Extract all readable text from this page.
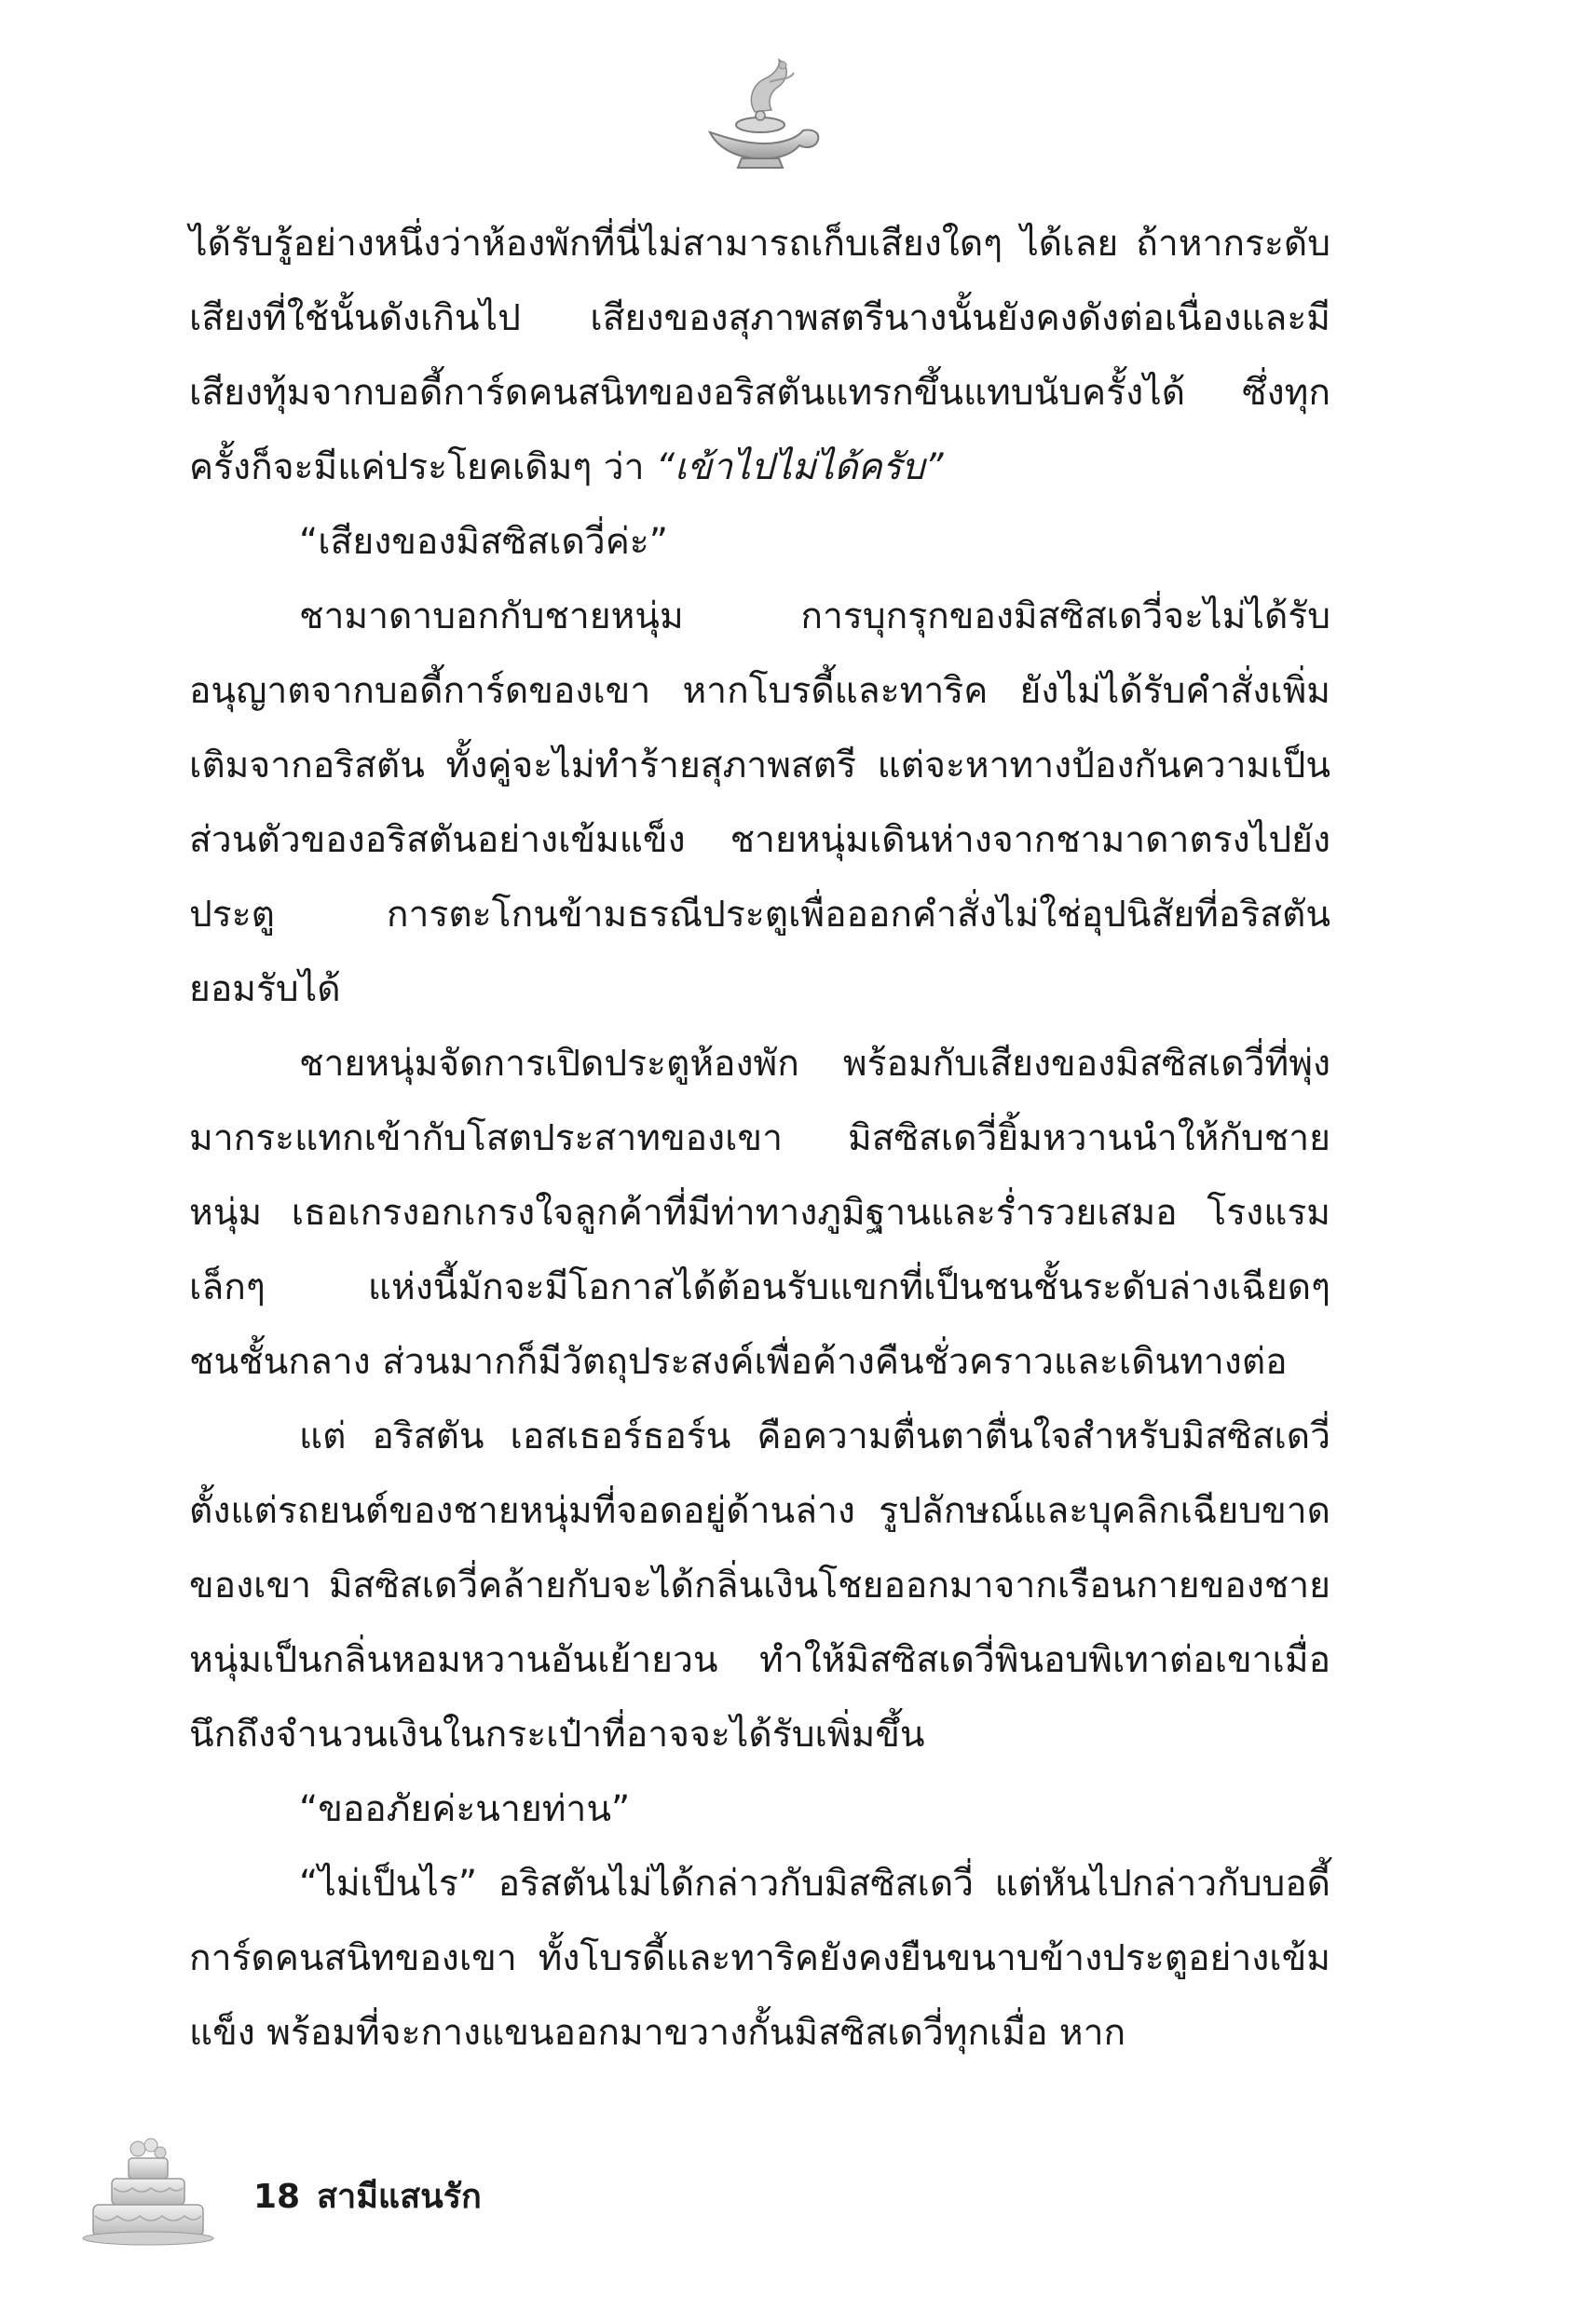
ได้รับรู้อย่างหนึ่งว่าห้องพักที่นี่ไม่สามารถเก็บเสียงใดๆ ได้เลย ถ้าหากระดับเสียงที่ใช้นั้นดังเกินไป เสียงของสุภาพสตรีนางนั้นยังคงดังต่อเนื่องและมีเสียงทุ้มจากบอดี้การ์ดคนสนิทของอริสตันแทรกขึ้นแทบนับครั้งได้ ซึ่งทุกครั้งก็จะมีแค่ประโยคเดิมๆ ว่า “เข้าไปไม่ได้ครับ”

“เสียงของมิสซิสเดวี่ค่ะ”

ชามาดาบอกกับชายหนุ่ม การบุกรุกของมิสซิสเดวี่จะไม่ได้รับอนุญาตจากบอดี้การ์ดของเขา หากโบรดี้และทาริค ยังไม่ได้รับคำสั่งเพิ่มเติมจากอริสตัน ทั้งคู่จะไม่ทำร้ายสุภาพสตรี แต่จะหาทางป้องกันความเป็นส่วนตัวของอริสตันอย่างเข้มแข็ง ชายหนุ่มเดินห่างจากชามาดาตรงไปยังประตู การตะโกนข้ามธรณีประตูเพื่อออกคำสั่งไม่ใช่อุปนิสัยที่อริสตันยอมรับได้

ชายหนุ่มจัดการเปิดประตูห้องพัก พร้อมกับเสียงของมิสซิสเดวี่ที่พุ่งมากระแทกเข้ากับโสตประสาทของเขา มิสซิสเดวี่ยิ้มหวานนำให้กับชายหนุ่ม เธอเกรงอกเกรงใจลูกค้าที่มีท่าทางภูมิฐานและร่ำรวยเสมอ โรงแรมเล็กๆ แห่งนี้มักจะมีโอกาสได้ต้อนรับแขกที่เป็นชนชั้นระดับล่างเฉียดๆ ชนชั้นกลาง ส่วนมากก็มีวัตถุประสงค์เพื่อค้างคืนชั่วคราวและเดินทางต่อ

แต่ อริสตัน เอสเธอร์ธอร์น คือความตื่นตาตื่นใจสำหรับมิสซิสเดวี่ ตั้งแต่รถยนต์ของชายหนุ่มที่จอดอยู่ด้านล่าง รูปลักษณ์และบุคลิกเฉียบขาดของเขา มิสซิสเดวี่คล้ายกับจะได้กลิ่นเงินโชยออกมาจากเรือนกายของชายหนุ่มเป็นกลิ่นหอมหวานอันเย้ายวน ทำให้มิสซิสเดวี่พินอบพิเทาต่อเขาเมื่อนึกถึงจำนวนเงินในกระเป๋าที่อาจจะได้รับเพิ่มขึ้น

“ขออภัยค่ะนายท่าน”

“ไม่เป็นไร” อริสตันไม่ได้กล่าวกับมิสซิสเดวี่ แต่หันไปกล่าวกับบอดี้การ์ดคนสนิทของเขา ทั้งโบรดี้และทาริคยังคงยืนขนาบข้างประตูอย่างเข้มแข็ง พร้อมที่จะกางแขนออกมาขวางกั้นมิสซิสเดวี่ทุกเมื่อ หาก

18 สามีแสนรัก
